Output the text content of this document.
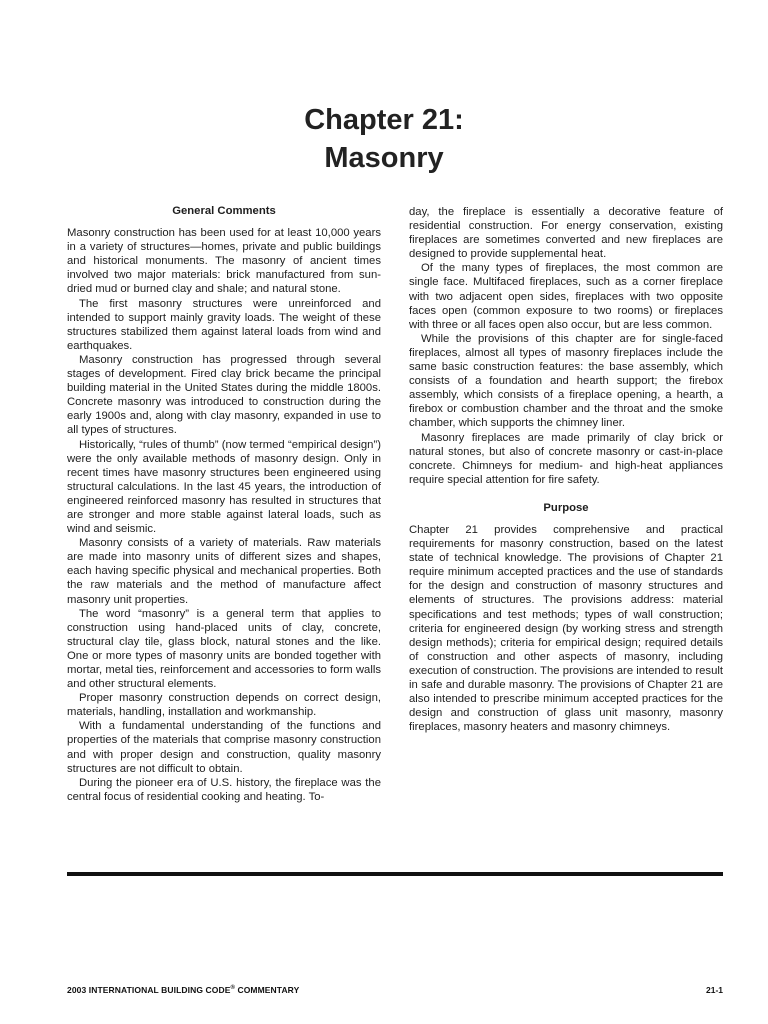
Chapter 21:
Masonry
General Comments

Masonry construction has been used for at least 10,000 years in a variety of structures—homes, private and public buildings and historical monuments. The masonry of ancient times involved two major materials: brick manufactured from sun-dried mud or burned clay and shale; and natural stone.

The first masonry structures were unreinforced and intended to support mainly gravity loads. The weight of these structures stabilized them against lateral loads from wind and earthquakes.

Masonry construction has progressed through several stages of development. Fired clay brick became the principal building material in the United States during the middle 1800s. Concrete masonry was introduced to construction during the early 1900s and, along with clay masonry, expanded in use to all types of structures.

Historically, “rules of thumb” (now termed “empirical design”) were the only available methods of masonry design. Only in recent times have masonry structures been engineered using structural calculations. In the last 45 years, the introduction of engineered reinforced masonry has resulted in structures that are stronger and more stable against lateral loads, such as wind and seismic.

Masonry consists of a variety of materials. Raw materials are made into masonry units of different sizes and shapes, each having specific physical and mechanical properties. Both the raw materials and the method of manufacture affect masonry unit properties.

The word “masonry” is a general term that applies to construction using hand-placed units of clay, concrete, structural clay tile, glass block, natural stones and the like. One or more types of masonry units are bonded together with mortar, metal ties, reinforcement and accessories to form walls and other structural elements.

Proper masonry construction depends on correct design, materials, handling, installation and workmanship.

With a fundamental understanding of the functions and properties of the materials that comprise masonry construction and with proper design and construction, quality masonry structures are not difficult to obtain.

During the pioneer era of U.S. history, the fireplace was the central focus of residential cooking and heating. To-

day, the fireplace is essentially a decorative feature of residential construction. For energy conservation, existing fireplaces are sometimes converted and new fireplaces are designed to provide supplemental heat.

Of the many types of fireplaces, the most common are single face. Multifaced fireplaces, such as a corner fireplace with two adjacent open sides, fireplaces with two opposite faces open (common exposure to two rooms) or fireplaces with three or all faces open also occur, but are less common.

While the provisions of this chapter are for single-faced fireplaces, almost all types of masonry fireplaces include the same basic construction features: the base assembly, which consists of a foundation and hearth support; the firebox assembly, which consists of a fireplace opening, a hearth, a firebox or combustion chamber and the throat and the smoke chamber, which supports the chimney liner.

Masonry fireplaces are made primarily of clay brick or natural stones, but also of concrete masonry or cast-in-place concrete. Chimneys for medium- and high-heat appliances require special attention for fire safety.

Purpose

Chapter 21 provides comprehensive and practical requirements for masonry construction, based on the latest state of technical knowledge. The provisions of Chapter 21 require minimum accepted practices and the use of standards for the design and construction of masonry structures and elements of structures. The provisions address: material specifications and test methods; types of wall construction; criteria for engineered design (by working stress and strength design methods); criteria for empirical design; required details of construction and other aspects of masonry, including execution of construction. The provisions are intended to result in safe and durable masonry. The provisions of Chapter 21 are also intended to prescribe minimum accepted practices for the design and construction of glass unit masonry, masonry fireplaces, masonry heaters and masonry chimneys.

2003 INTERNATIONAL BUILDING CODE® COMMENTARY	21-1
